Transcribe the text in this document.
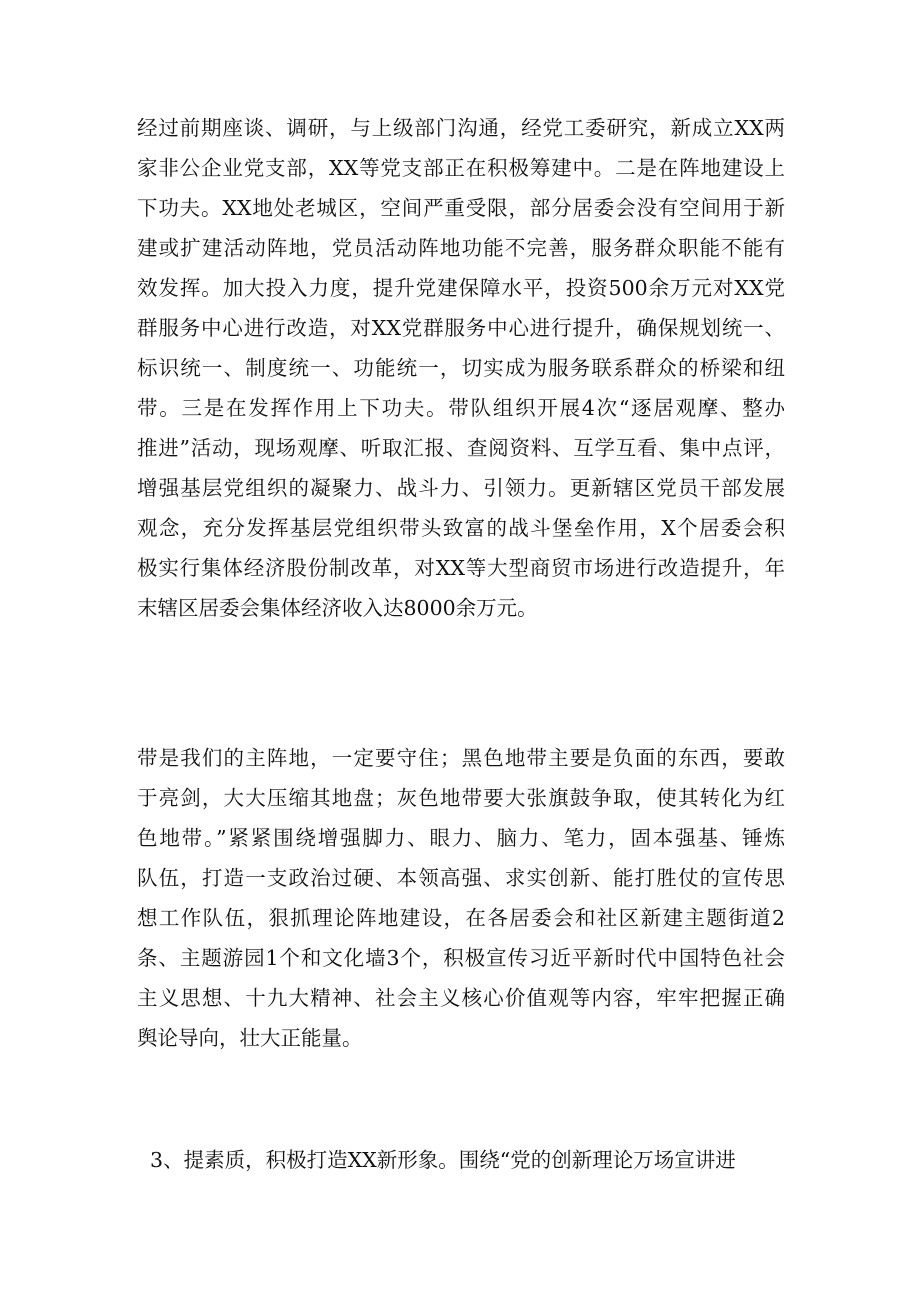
经过前期座谈、调研，与上级部门沟通，经党工委研究，新成立XX两
家非公企业党支部，XX等党支部正在积极筹建中。二是在阵地建设上
下功夫。XX地处老城区，空间严重受限，部分居委会没有空间用于新
建或扩建活动阵地，党员活动阵地功能不完善，服务群众职能不能有
效发挥。加大投入力度，提升党建保障水平，投资500余万元对XX党
群服务中心进行改造，对XX党群服务中心进行提升，确保规划统一、
标识统一、制度统一、功能统一，切实成为服务联系群众的桥梁和纽
带。三是在发挥作用上下功夫。带队组织开展4次“逐居观摩、整办
推进”活动，现场观摩、听取汇报、查阅资料、互学互看、集中点评，
增强基层党组织的凝聚力、战斗力、引领力。更新辖区党员干部发展
观念，充分发挥基层党组织带头致富的战斗堡垒作用，X个居委会积
极实行集体经济股份制改革，对XX等大型商贸市场进行改造提升，年
末辖区居委会集体经济收入达8000余万元。
带是我们的主阵地，一定要守住；黑色地带主要是负面的东西，要敢
于亮剑，大大压缩其地盘；灰色地带要大张旗鼓争取，使其转化为红
色地带。”紧紧围绕增强脚力、眼力、脑力、笔力，固本强基、锤炼
队伍，打造一支政治过硬、本领高强、求实创新、能打胜仗的宣传思
想工作队伍，狠抓理论阵地建设，在各居委会和社区新建主题街道2
条、主题游园1个和文化墙3个，积极宣传习近平新时代中国特色社会
主义思想、十九大精神、社会主义核心价值观等内容，牢牢把握正确
舆论导向，壮大正能量。
3、提素质，积极打造XX新形象。围绕“党的创新理论万场宣讲进
